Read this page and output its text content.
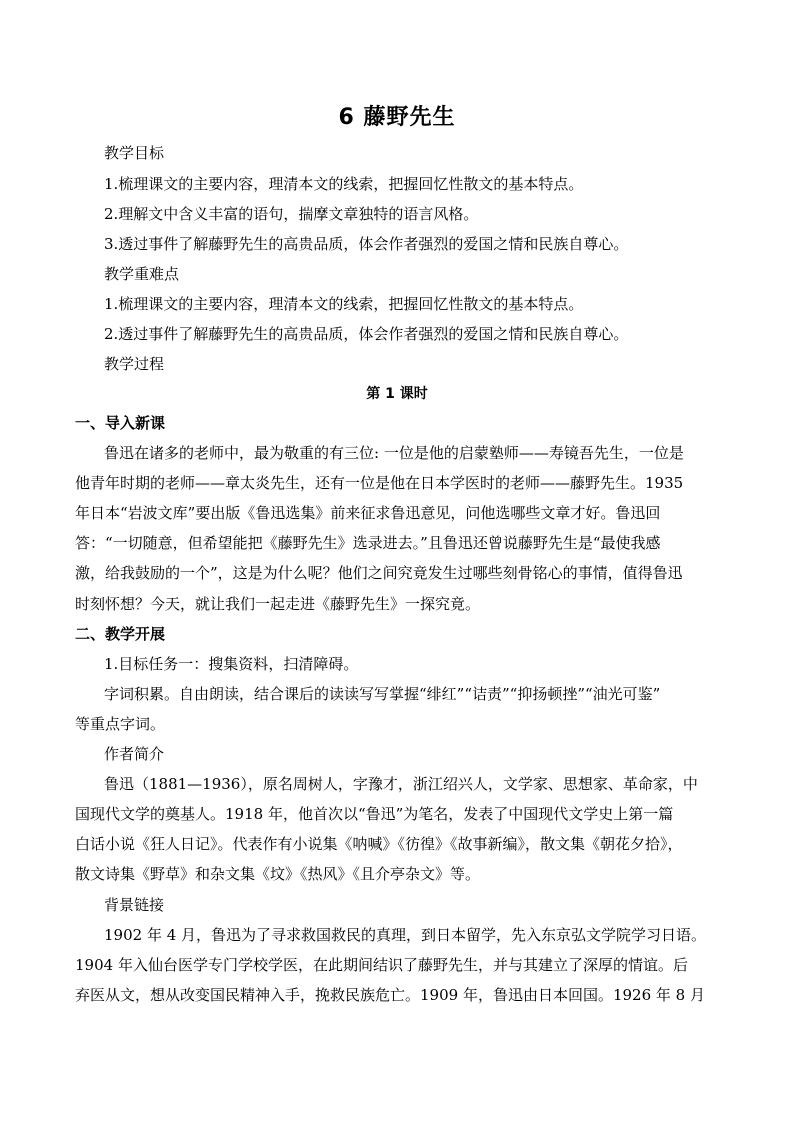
6 藤野先生
教学目标
1.梳理课文的主要内容，理清本文的线索，把握回忆性散文的基本特点。
2.理解文中含义丰富的语句，揣摩文章独特的语言风格。
3.透过事件了解藤野先生的高贵品质，体会作者强烈的爱国之情和民族自尊心。
教学重难点
1.梳理课文的主要内容，理清本文的线索，把握回忆性散文的基本特点。
2.透过事件了解藤野先生的高贵品质，体会作者强烈的爱国之情和民族自尊心。
教学过程
第 1 课时
一、导入新课
鲁迅在诸多的老师中，最为敬重的有三位: 一位是他的启蒙塾师——寿镜吾先生，一位是
他青年时期的老师——章太炎先生，还有一位是他在日本学医时的老师——藤野先生。1935
年日本“岩波文库”要出版《鲁迅选集》前来征求鲁迅意见，问他选哪些文章才好。鲁迅回
答：“一切随意，但希望能把《藤野先生》选录进去。”且鲁迅还曾说藤野先生是“最使我感
激，给我鼓励的一个”，这是为什么呢？他们之间究竟发生过哪些刻骨铭心的事情，值得鲁迅
时刻怀想？今天，就让我们一起走进《藤野先生》一探究竟。
二、教学开展
1.目标任务一：搜集资料，扫清障碍。
字词积累。自由朗读，结合课后的读读写写掌握“绯红”“诘责”“抑扬顿挫”“油光可鉴”
等重点字词。
作者简介
鲁迅（1881—1936），原名周树人，字豫才，浙江绍兴人，文学家、思想家、革命家，中
国现代文学的奠基人。1918 年，他首次以“鲁迅”为笔名，发表了中国现代文学史上第一篇
白话小说《狂人日记》。代表作有小说集《呐喊》《彷徨》《故事新编》，散文集《朝花夕拾》，
散文诗集《野草》和杂文集《坟》《热风》《且介亭杂文》等。
背景链接
1902 年 4 月，鲁迅为了寻求救国救民的真理，到日本留学，先入东京弘文学院学习日语。
1904 年入仙台医学专门学校学医，在此期间结识了藤野先生，并与其建立了深厚的情谊。后
弃医从文，想从改变国民精神入手，挽救民族危亡。1909 年，鲁迅由日本回国。1926 年 8 月
